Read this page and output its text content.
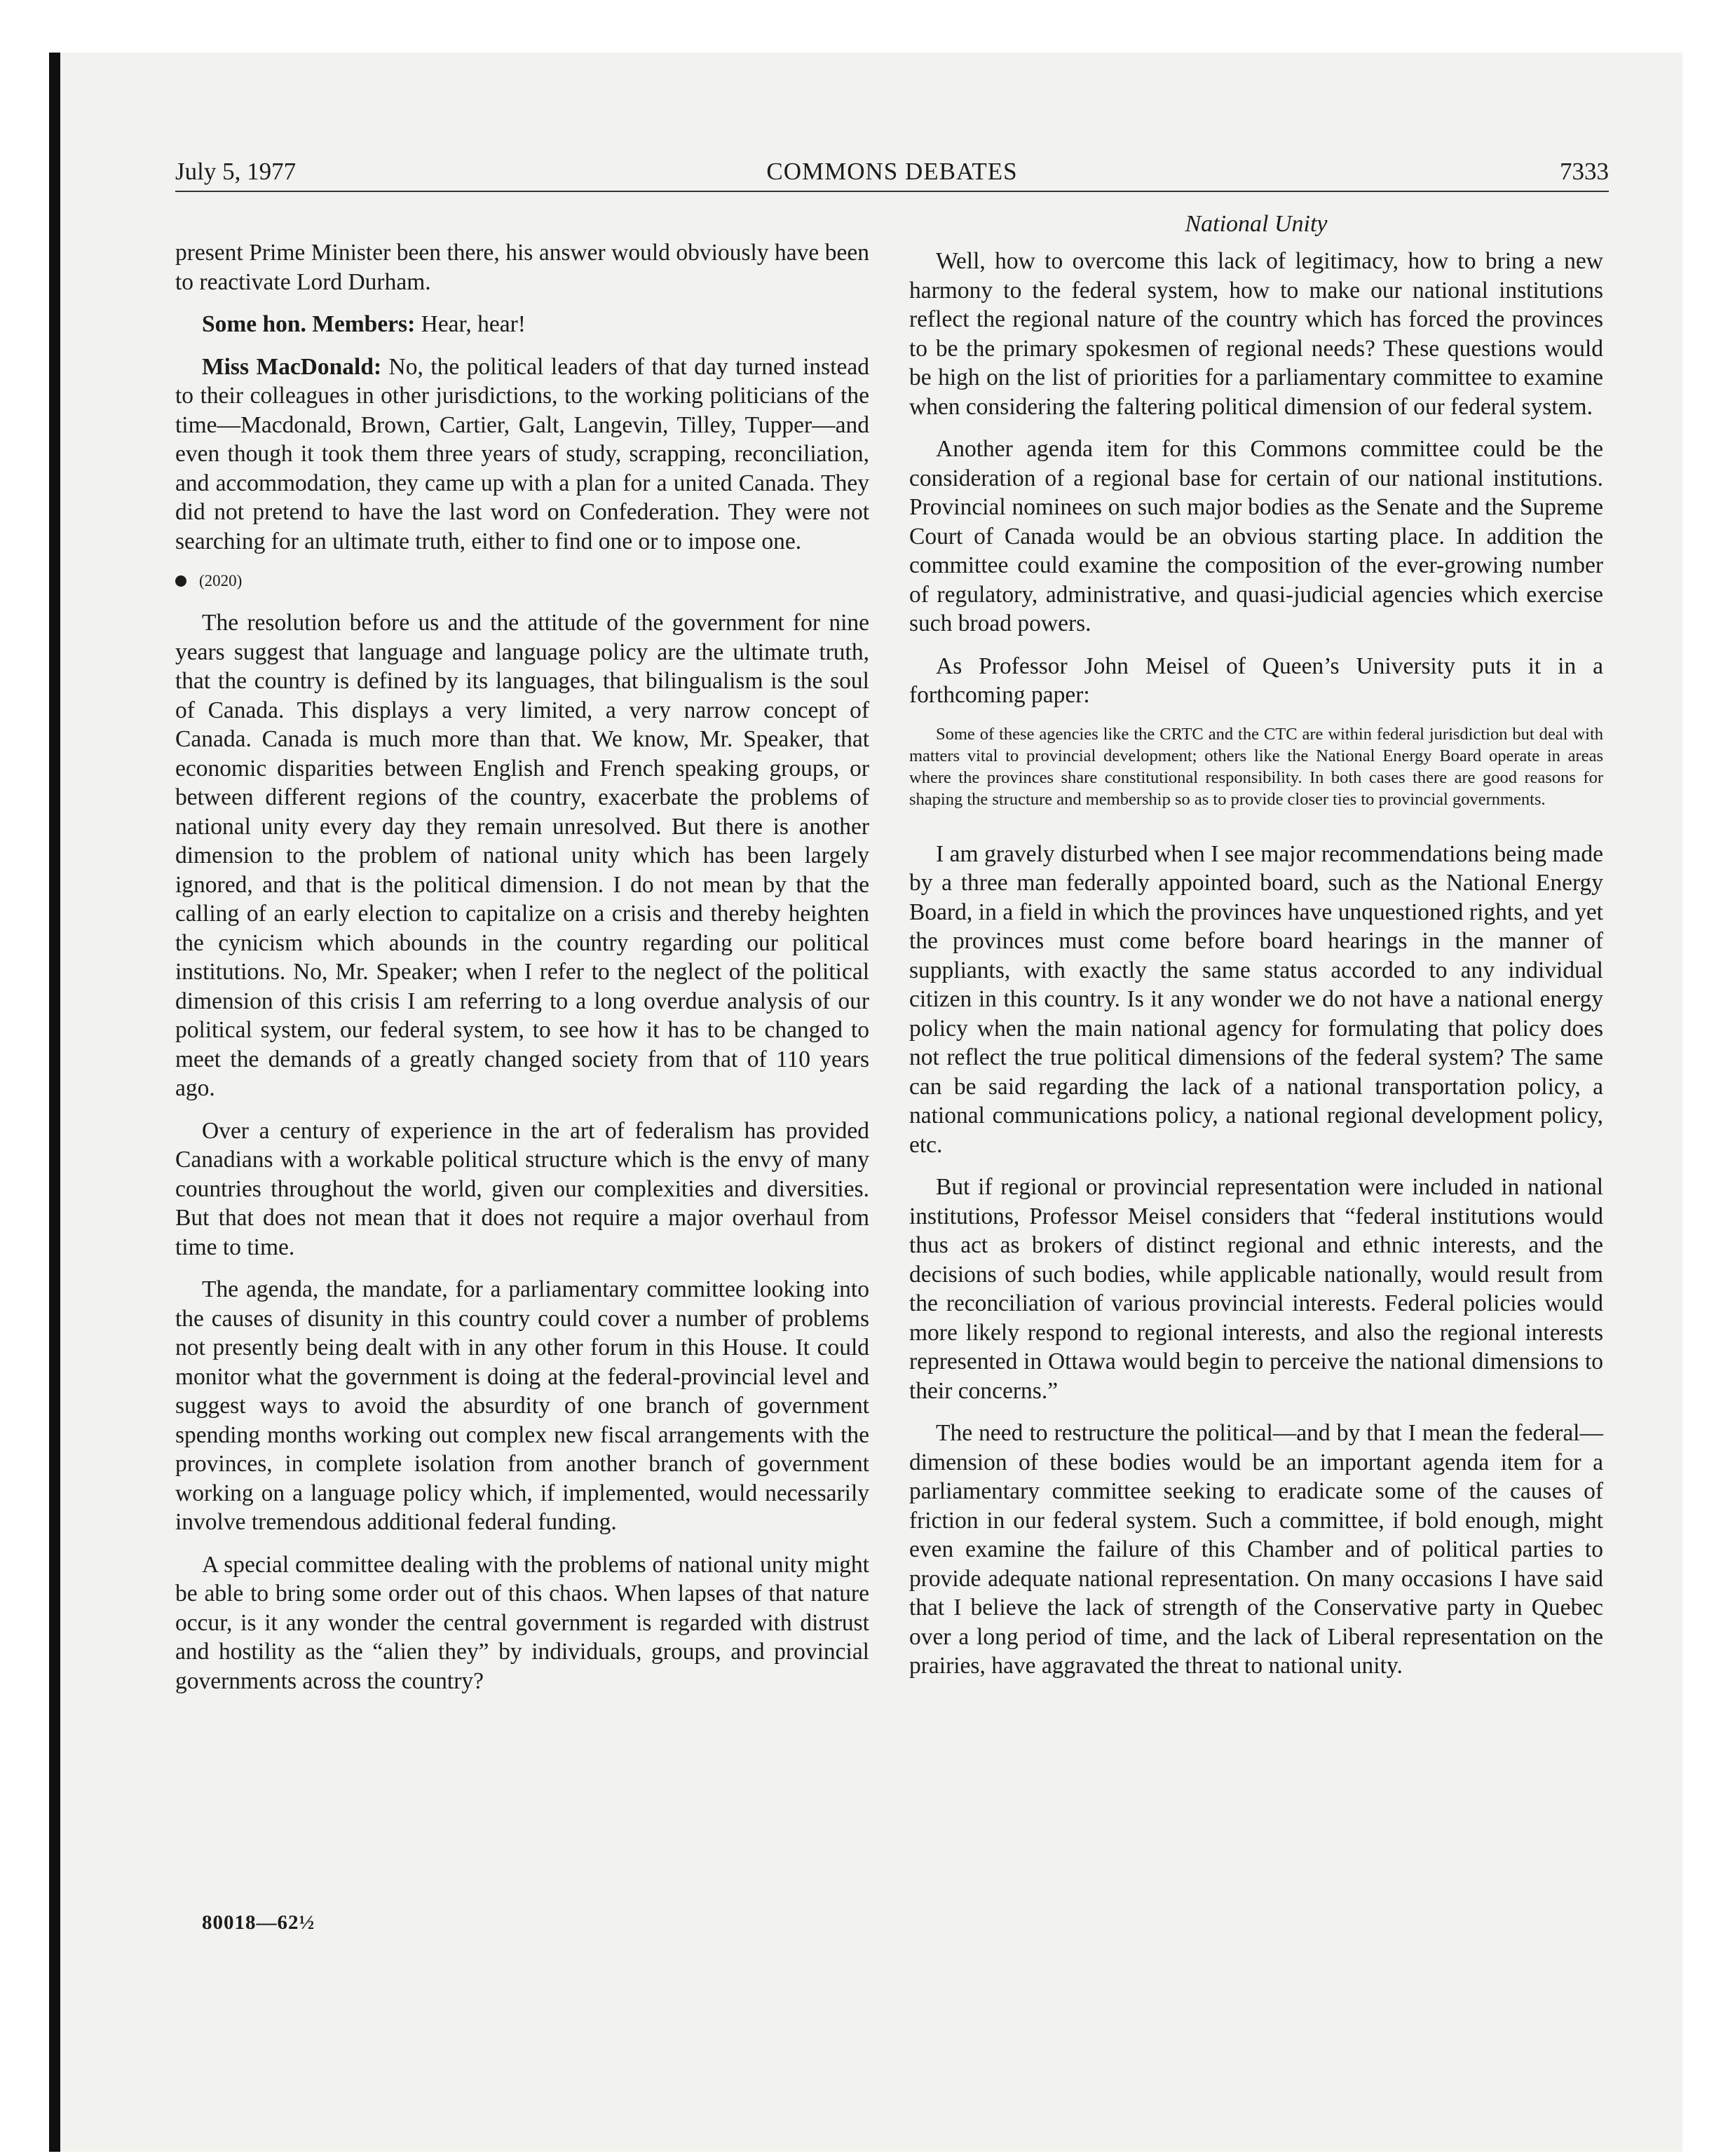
July 5, 1977	COMMONS DEBATES	7333

present Prime Minister been there, his answer would obviously have been to reactivate Lord Durham.

Some hon. Members: Hear, hear!

Miss MacDonald: No, the political leaders of that day turned instead to their colleagues in other jurisdictions, to the working politicians of the time—Macdonald, Brown, Cartier, Galt, Langevin, Tilley, Tupper—and even though it took them three years of study, scrapping, reconciliation, and accommodation, they came up with a plan for a united Canada. They did not pretend to have the last word on Confederation. They were not searching for an ultimate truth, either to find one or to impose one.

(2020)

The resolution before us and the attitude of the government for nine years suggest that language and language policy are the ultimate truth, that the country is defined by its languages, that bilingualism is the soul of Canada. This displays a very limited, a very narrow concept of Canada. Canada is much more than that. We know, Mr. Speaker, that economic disparities between English and French speaking groups, or between different regions of the country, exacerbate the problems of national unity every day they remain unresolved. But there is another dimension to the problem of national unity which has been largely ignored, and that is the political dimension. I do not mean by that the calling of an early election to capitalize on a crisis and thereby heighten the cynicism which abounds in the country regarding our political institutions. No, Mr. Speaker; when I refer to the neglect of the political dimension of this crisis I am referring to a long overdue analysis of our political system, our federal system, to see how it has to be changed to meet the demands of a greatly changed society from that of 110 years ago.

Over a century of experience in the art of federalism has provided Canadians with a workable political structure which is the envy of many countries throughout the world, given our complexities and diversities. But that does not mean that it does not require a major overhaul from time to time.

The agenda, the mandate, for a parliamentary committee looking into the causes of disunity in this country could cover a number of problems not presently being dealt with in any other forum in this House. It could monitor what the government is doing at the federal-provincial level and suggest ways to avoid the absurdity of one branch of government spending months working out complex new fiscal arrangements with the provinces, in complete isolation from another branch of government working on a language policy which, if implemented, would necessarily involve tremendous additional federal funding.

A special committee dealing with the problems of national unity might be able to bring some order out of this chaos. When lapses of that nature occur, is it any wonder the central government is regarded with distrust and hostility as the “alien they” by individuals, groups, and provincial governments across the country?

National Unity

Well, how to overcome this lack of legitimacy, how to bring a new harmony to the federal system, how to make our national institutions reflect the regional nature of the country which has forced the provinces to be the primary spokesmen of regional needs? These questions would be high on the list of priorities for a parliamentary committee to examine when considering the faltering political dimension of our federal system.

Another agenda item for this Commons committee could be the consideration of a regional base for certain of our national institutions. Provincial nominees on such major bodies as the Senate and the Supreme Court of Canada would be an obvious starting place. In addition the committee could examine the composition of the ever-growing number of regulatory, administrative, and quasi-judicial agencies which exercise such broad powers.

As Professor John Meisel of Queen’s University puts it in a forthcoming paper:

Some of these agencies like the CRTC and the CTC are within federal jurisdiction but deal with matters vital to provincial development; others like the National Energy Board operate in areas where the provinces share constitutional responsibility. In both cases there are good reasons for shaping the structure and membership so as to provide closer ties to provincial governments.

I am gravely disturbed when I see major recommendations being made by a three man federally appointed board, such as the National Energy Board, in a field in which the provinces have unquestioned rights, and yet the provinces must come before board hearings in the manner of suppliants, with exactly the same status accorded to any individual citizen in this country. Is it any wonder we do not have a national energy policy when the main national agency for formulating that policy does not reflect the true political dimensions of the federal system? The same can be said regarding the lack of a national transportation policy, a national communications policy, a national regional development policy, etc.

But if regional or provincial representation were included in national institutions, Professor Meisel considers that “federal institutions would thus act as brokers of distinct regional and ethnic interests, and the decisions of such bodies, while applicable nationally, would result from the reconciliation of various provincial interests. Federal policies would more likely respond to regional interests, and also the regional interests represented in Ottawa would begin to perceive the national dimensions to their concerns.”

The need to restructure the political—and by that I mean the federal—dimension of these bodies would be an important agenda item for a parliamentary committee seeking to eradicate some of the causes of friction in our federal system. Such a committee, if bold enough, might even examine the failure of this Chamber and of political parties to provide adequate national representation. On many occasions I have said that I believe the lack of strength of the Conservative party in Quebec over a long period of time, and the lack of Liberal representation on the prairies, have aggravated the threat to national unity.

80018—62½
